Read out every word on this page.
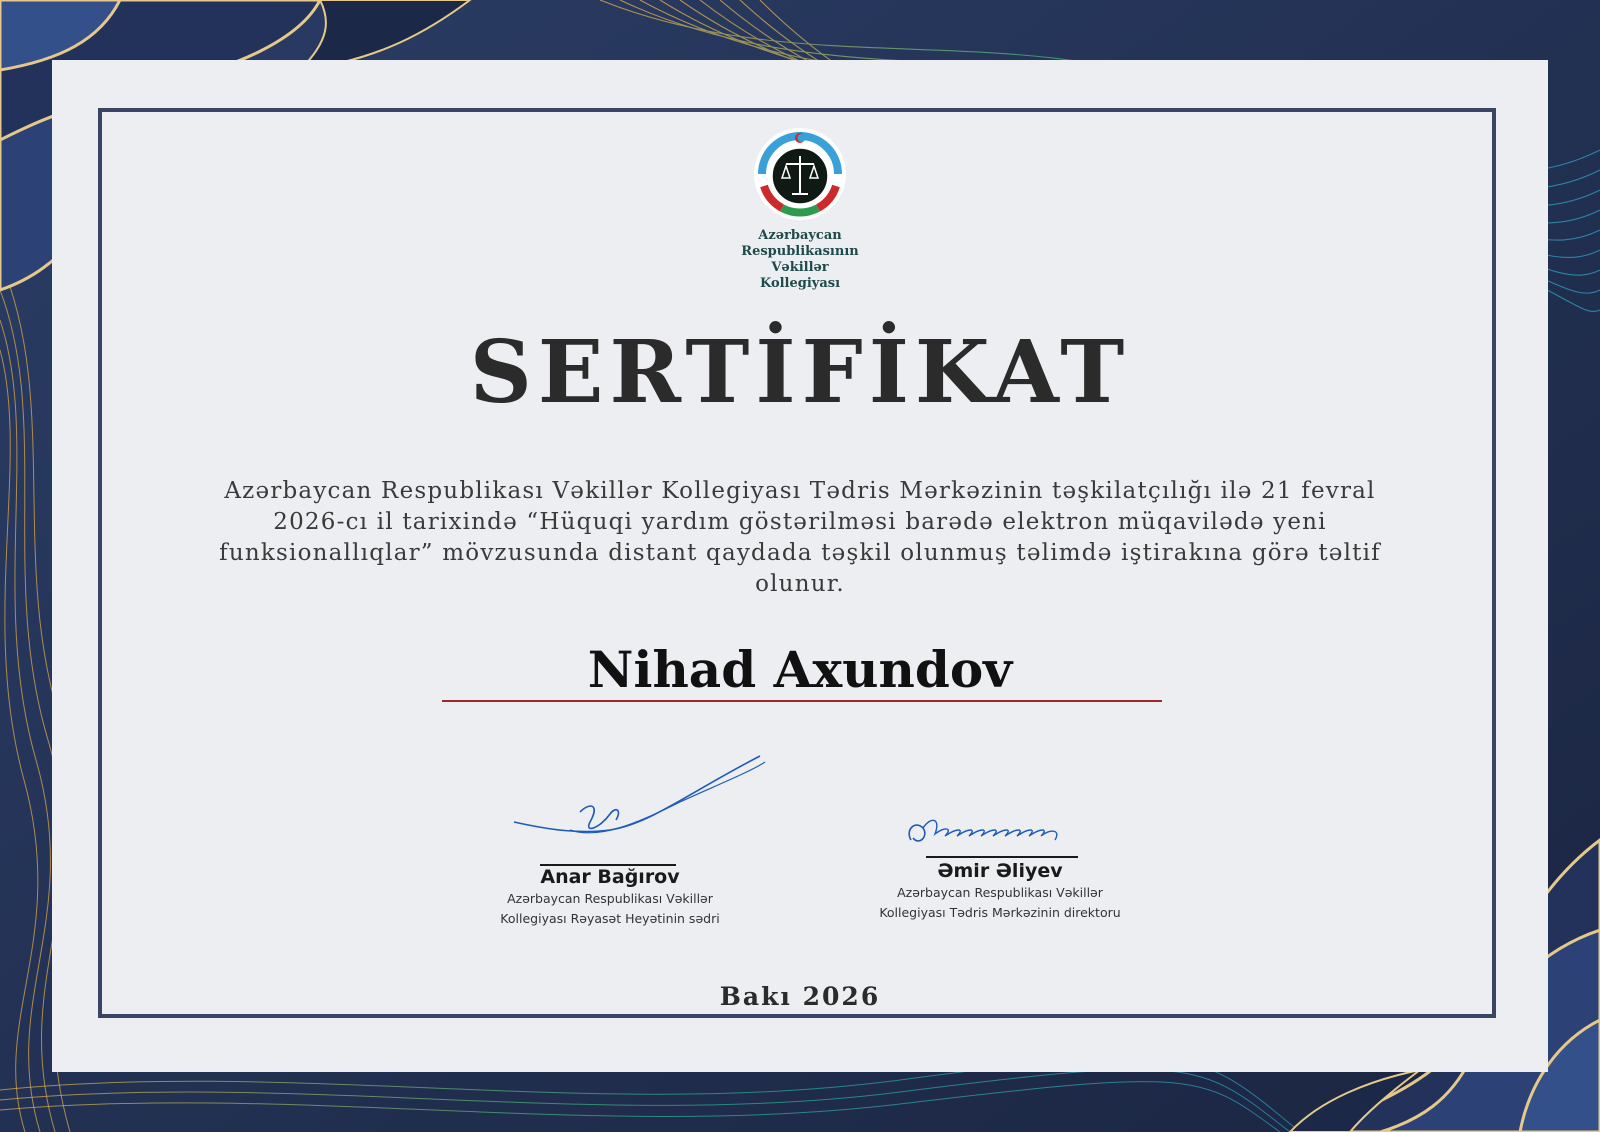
Azərbaycan
Respublikasının
Vəkillər
Kollegiyası
SERTİFİKAT
Azərbaycan Respublikası Vəkillər Kollegiyası Tədris Mərkəzinin təşkilatçılığı ilə 21 fevral 2026-cı il tarixində “Hüquqi yardım göstərilməsi barədə elektron müqavilədə yeni funksionallıqlar” mövzusunda distant qaydada təşkil olunmuş təlimdə iştirakına görə təltif olunur.
Nihad Axundov
Anar Bağırov
Azərbaycan Respublikası Vəkillər
Kollegiyası Rəyasət Heyətinin sədri
Əmir Əliyev
Azərbaycan Respublikası Vəkillər
Kollegiyası Tədris Mərkəzinin direktoru
Bakı 2026
